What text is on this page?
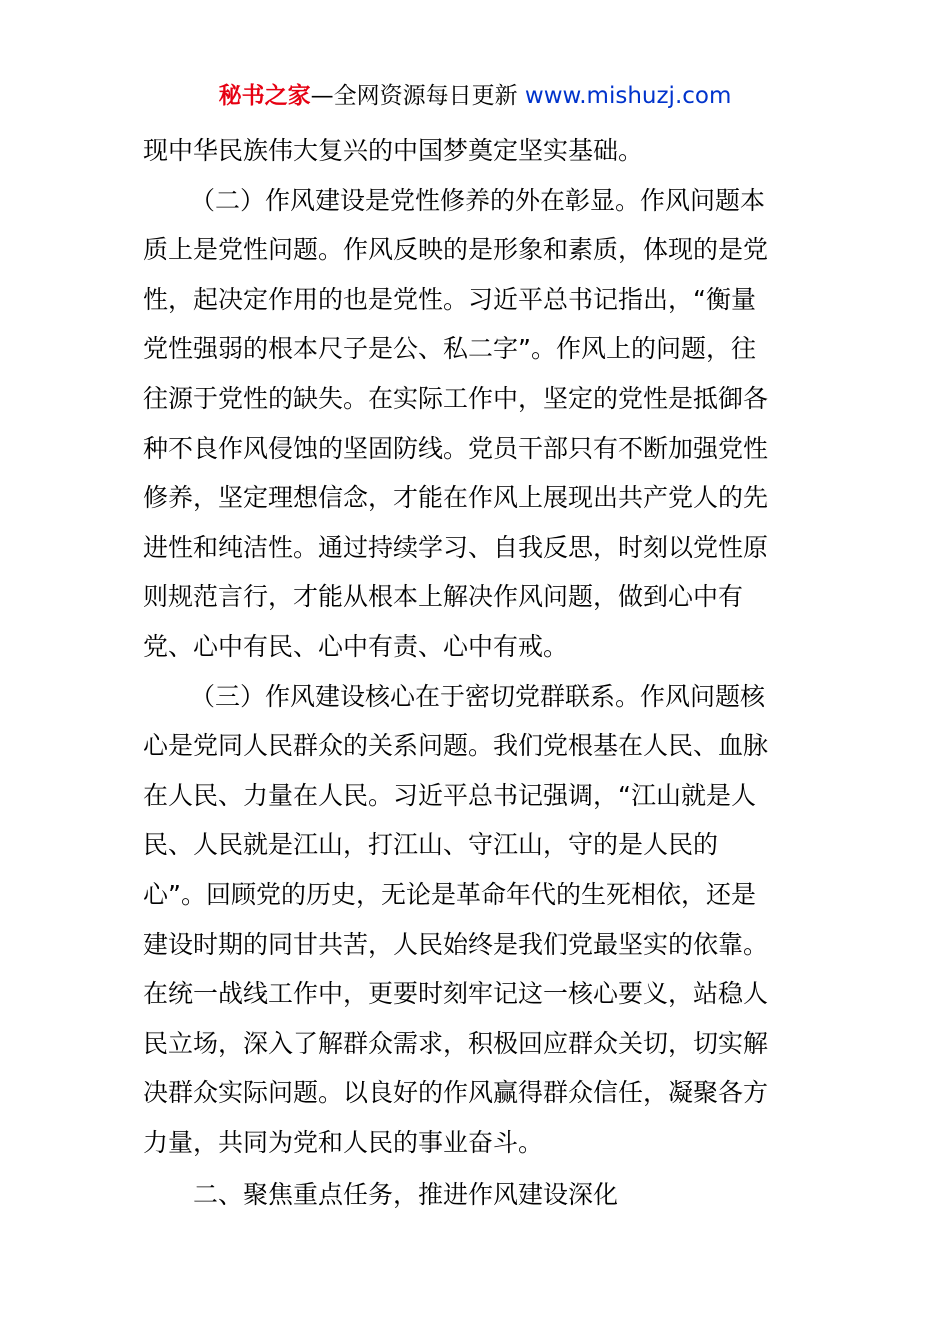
秘书之家—全网资源每日更新 www.mishuzj.com
现中华民族伟大复兴的中国梦奠定坚实基础。
（二）作风建设是党性修养的外在彰显。作风问题本
质上是党性问题。作风反映的是形象和素质，体现的是党
性，起决定作用的也是党性。习近平总书记指出，“衡量
党性强弱的根本尺子是公、私二字”。作风上的问题，往
往源于党性的缺失。在实际工作中，坚定的党性是抵御各
种不良作风侵蚀的坚固防线。党员干部只有不断加强党性
修养，坚定理想信念，才能在作风上展现出共产党人的先
进性和纯洁性。通过持续学习、自我反思，时刻以党性原
则规范言行，才能从根本上解决作风问题，做到心中有
党、心中有民、心中有责、心中有戒。
（三）作风建设核心在于密切党群联系。作风问题核
心是党同人民群众的关系问题。我们党根基在人民、血脉
在人民、力量在人民。习近平总书记强调，“江山就是人
民、人民就是江山，打江山、守江山，守的是人民的
心”。回顾党的历史，无论是革命年代的生死相依，还是
建设时期的同甘共苦，人民始终是我们党最坚实的依靠。
在统一战线工作中，更要时刻牢记这一核心要义，站稳人
民立场，深入了解群众需求，积极回应群众关切，切实解
决群众实际问题。以良好的作风赢得群众信任，凝聚各方
力量，共同为党和人民的事业奋斗。
二、聚焦重点任务，推进作风建设深化
